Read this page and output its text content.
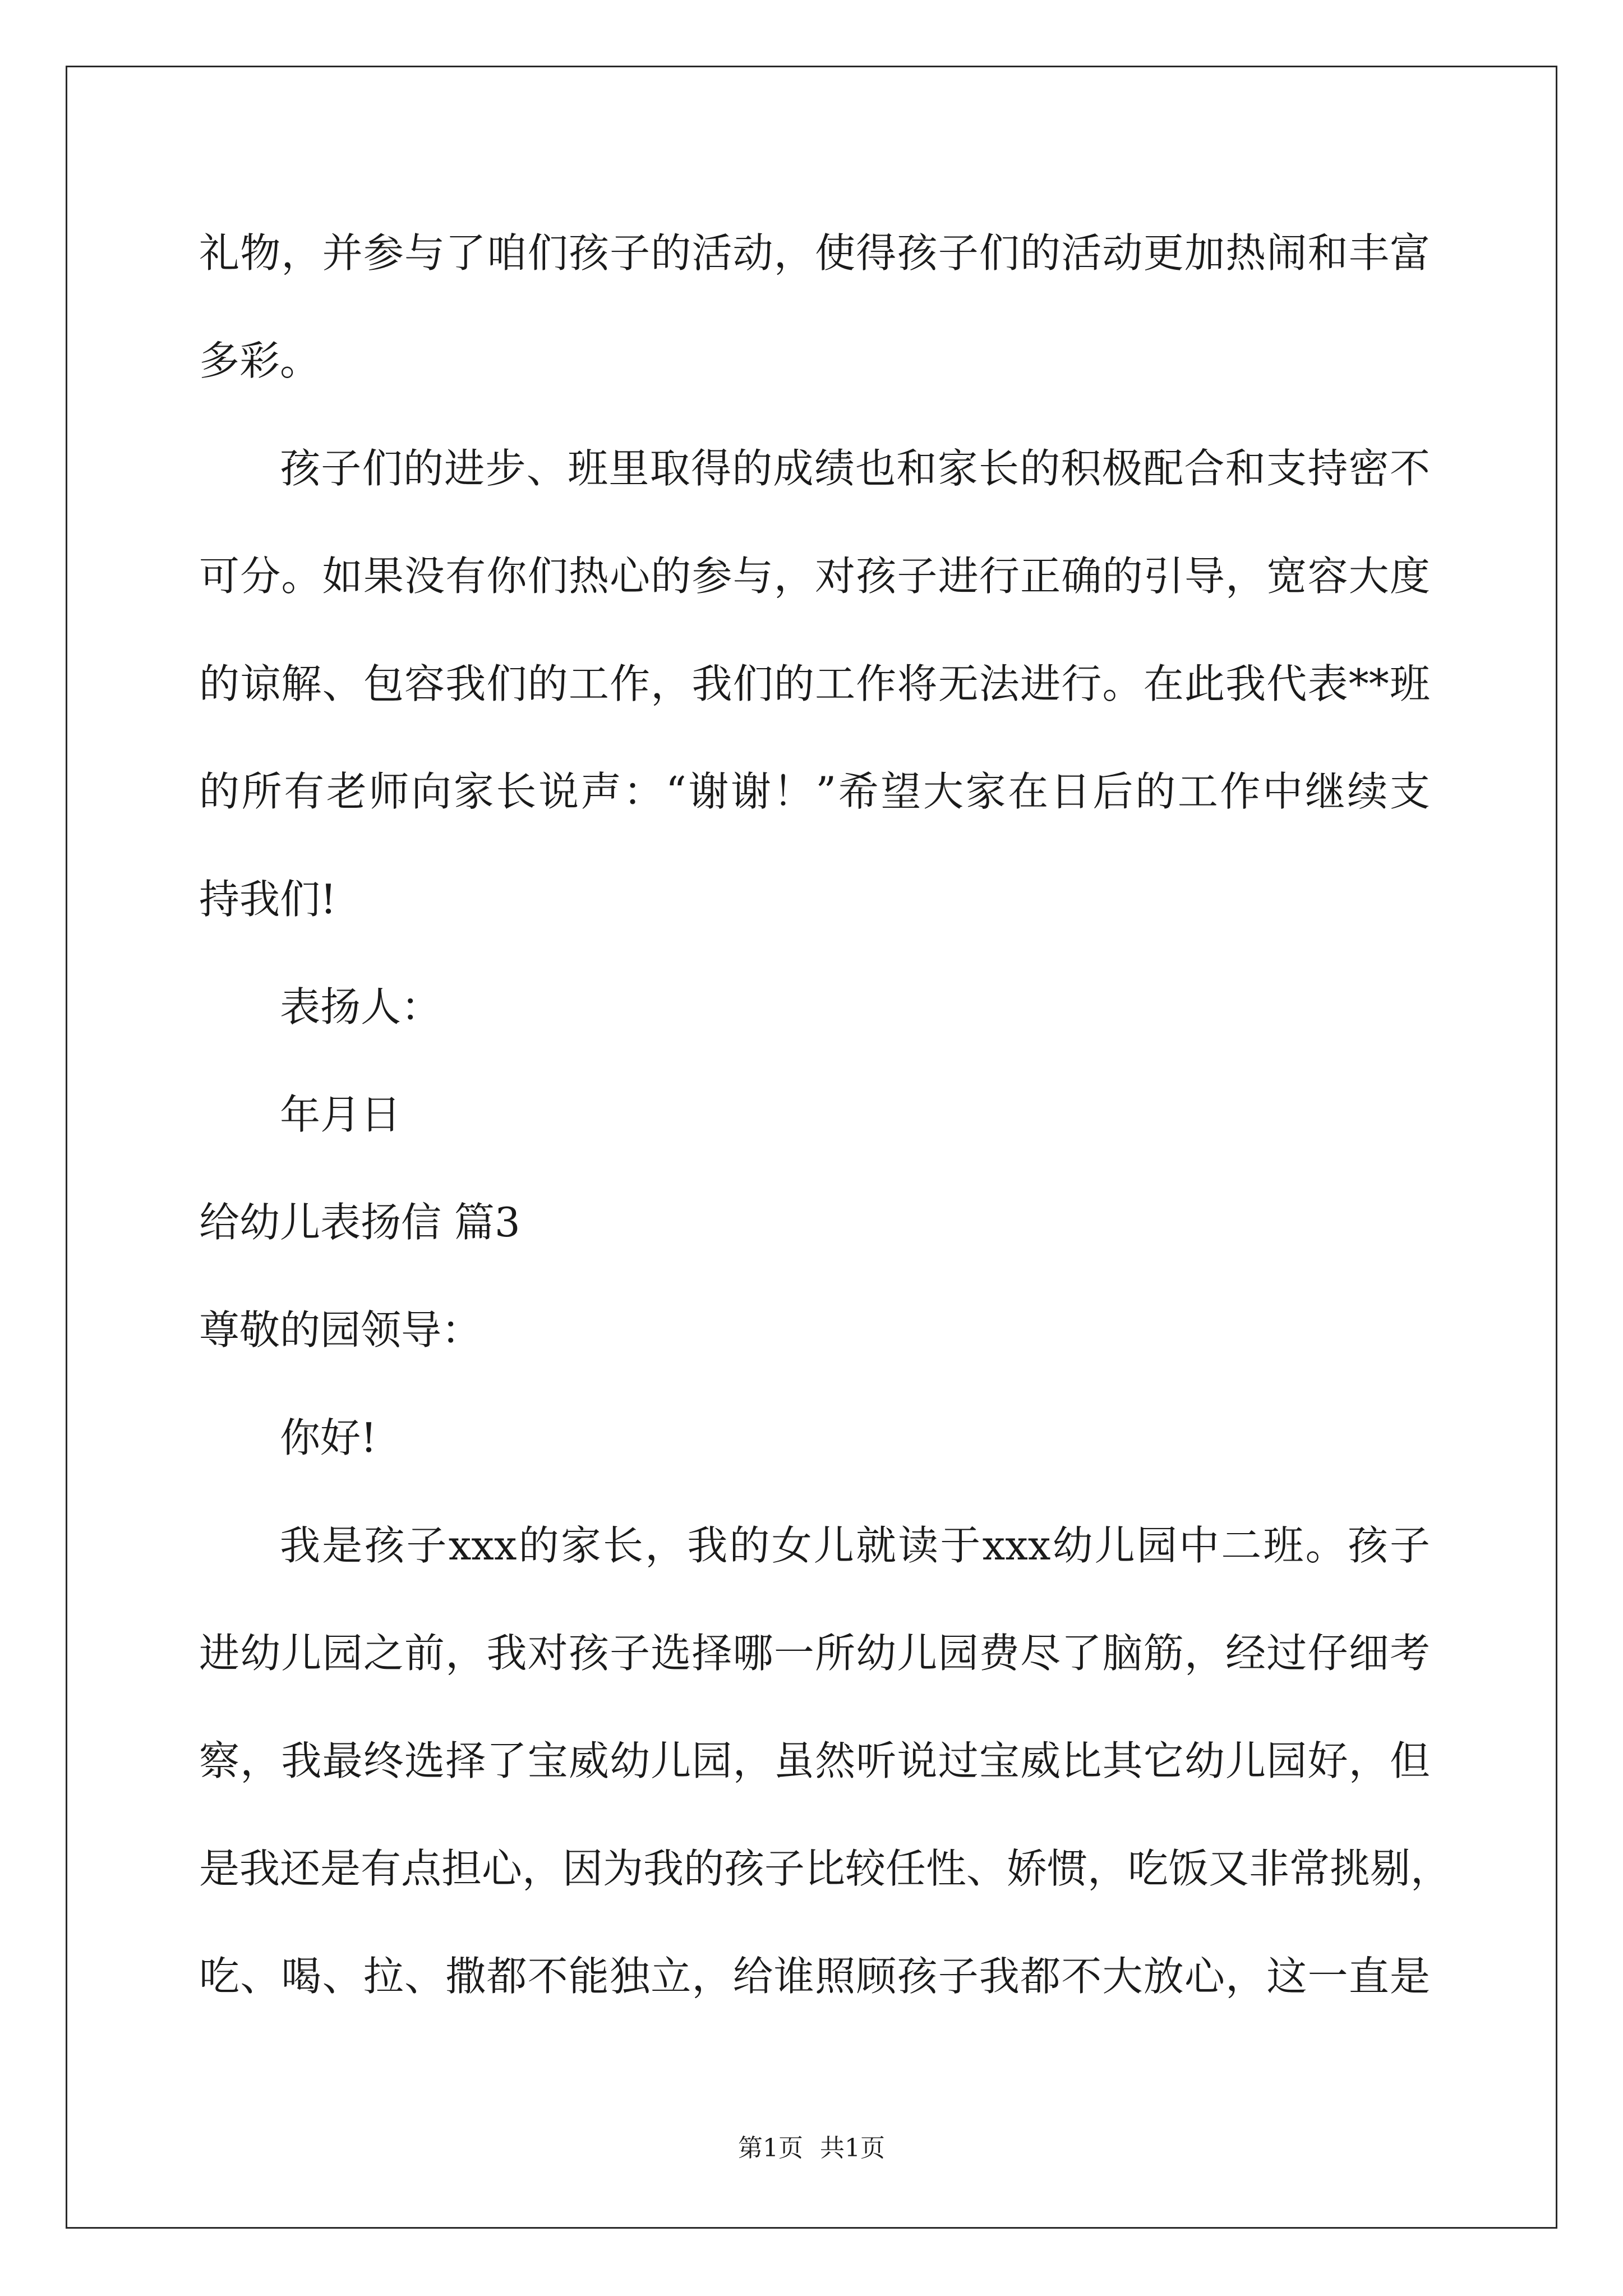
礼物，并参与了咱们孩子的活动，使得孩子们的活动更加热闹和丰富
多彩。
孩子们的进步、班里取得的成绩也和家长的积极配合和支持密不
可分。如果没有你们热心的参与，对孩子进行正确的引导，宽容大度
的谅解、包容我们的工作，我们的工作将无法进行。在此我代表**班
的所有老师向家长说声：“谢谢！”希望大家在日后的工作中继续支
持我们!
表扬人：
年月日
给幼儿表扬信 篇3
尊敬的园领导：
你好!
我是孩子xxx的家长，我的女儿就读于xxx幼儿园中二班。孩子
进幼儿园之前，我对孩子选择哪一所幼儿园费尽了脑筋，经过仔细考
察，我最终选择了宝威幼儿园，虽然听说过宝威比其它幼儿园好，但
是我还是有点担心，因为我的孩子比较任性、娇惯，吃饭又非常挑剔，
吃、喝、拉、撒都不能独立，给谁照顾孩子我都不大放心，这一直是
第1页 共1页
